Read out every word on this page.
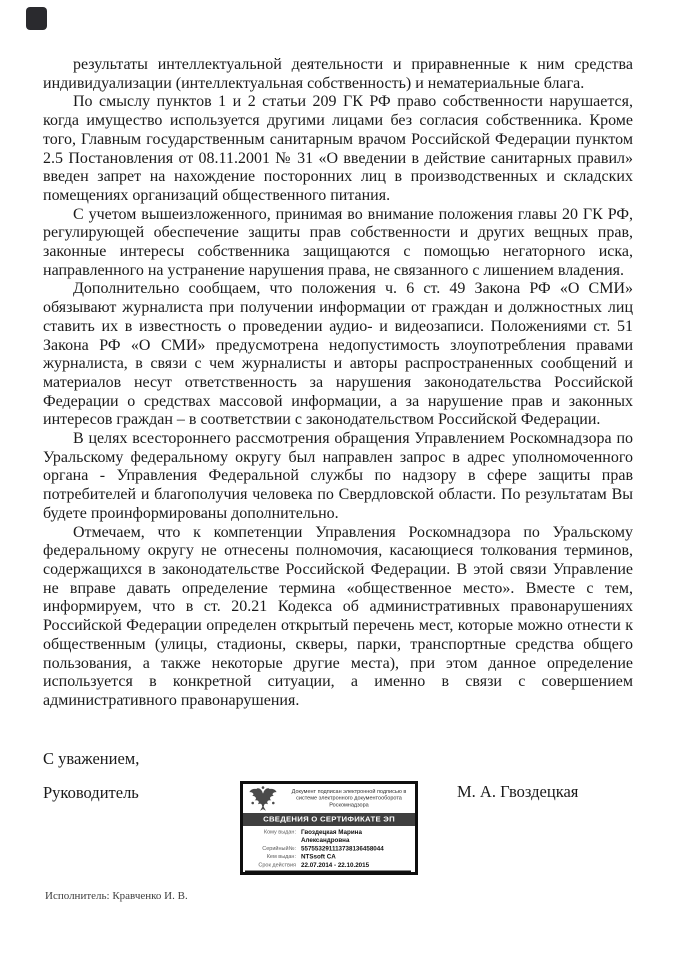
результаты интеллектуальной деятельности и приравненные к ним средства индивидуализации (интеллектуальная собственность) и нематериальные блага.

По смыслу пунктов 1 и 2 статьи 209 ГК РФ право собственности нарушается, когда имущество используется другими лицами без согласия собственника. Кроме того, Главным государственным санитарным врачом Российской Федерации пунктом 2.5 Постановления от 08.11.2001 № 31 «О введении в действие санитарных правил» введен запрет на нахождение посторонних лиц в производственных и складских помещениях организаций общественного питания.

С учетом вышеизложенного, принимая во внимание положения главы 20 ГК РФ, регулирующей обеспечение защиты прав собственности и других вещных прав, законные интересы собственника защищаются с помощью негаторного иска, направленного на устранение нарушения права, не связанного с лишением владения.

Дополнительно сообщаем, что положения ч. 6 ст. 49 Закона РФ «О СМИ» обязывают журналиста при получении информации от граждан и должностных лиц ставить их в известность о проведении аудио- и видеозаписи. Положениями ст. 51 Закона РФ «О СМИ» предусмотрена недопустимость злоупотребления правами журналиста, в связи с чем журналисты и авторы распространенных сообщений и материалов несут ответственность за нарушения законодательства Российской Федерации о средствах массовой информации, а за нарушение прав и законных интересов граждан – в соответствии с законодательством Российской Федерации.

В целях всестороннего рассмотрения обращения Управлением Роскомнадзора по Уральскому федеральному округу был направлен запрос в адрес уполномоченного органа - Управления Федеральной службы по надзору в сфере защиты прав потребителей и благополучия человека по Свердловской области. По результатам Вы будете проинформированы дополнительно.

Отмечаем, что к компетенции Управления Роскомнадзора по Уральскому федеральному округу не отнесены полномочия, касающиеся толкования терминов, содержащихся в законодательстве Российской Федерации. В этой связи Управление не вправе давать определение термина «общественное место». Вместе с тем, информируем, что в ст. 20.21 Кодекса об административных правонарушениях Российской Федерации определен открытый перечень мест, которые можно отнести к общественным (улицы, стадионы, скверы, парки, транспортные средства общего пользования, а также некоторые другие места), при этом данное определение используется в конкретной ситуации, а именно в связи с совершением административного правонарушения.

С уважением,
Руководитель	М. А. Гвоздецкая
Документ подписан электронной подписью в системе электронного документооборота Роскомнадзора
СВЕДЕНИЯ О СЕРТИФИКАТЕ ЭП
Кому выдан: Гвоздецкая Марина Александровна
Серийный№: 557553291113738136458044
Кем выдан: NTSsoft CA
Срок действия 22.07.2014 - 22.10.2015
Исполнитель: Кравченко И. В.
